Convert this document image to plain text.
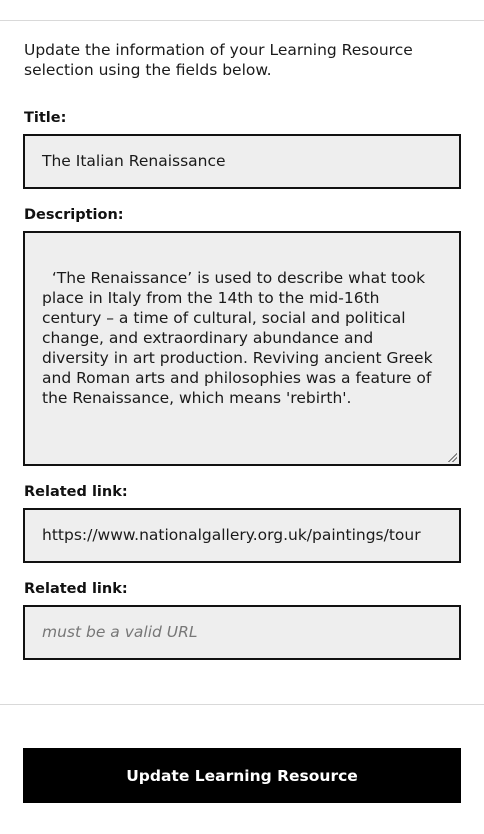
Update the information of your Learning Resource selection using the fields below.

Title:
The Italian Renaissance
Description:

‘The Renaissance’ is used to describe what took place in Italy from the 14th to the mid-16th century – a time of cultural, social and political change, and extraordinary abundance and diversity in art production. Reviving ancient Greek and Roman arts and philosophies was a feature of the Renaissance, which means 'rebirth'.

Related link:
https://www.nationalgallery.org.uk/paintings/tour
Related link:
must be a valid URL
Update Learning Resource
